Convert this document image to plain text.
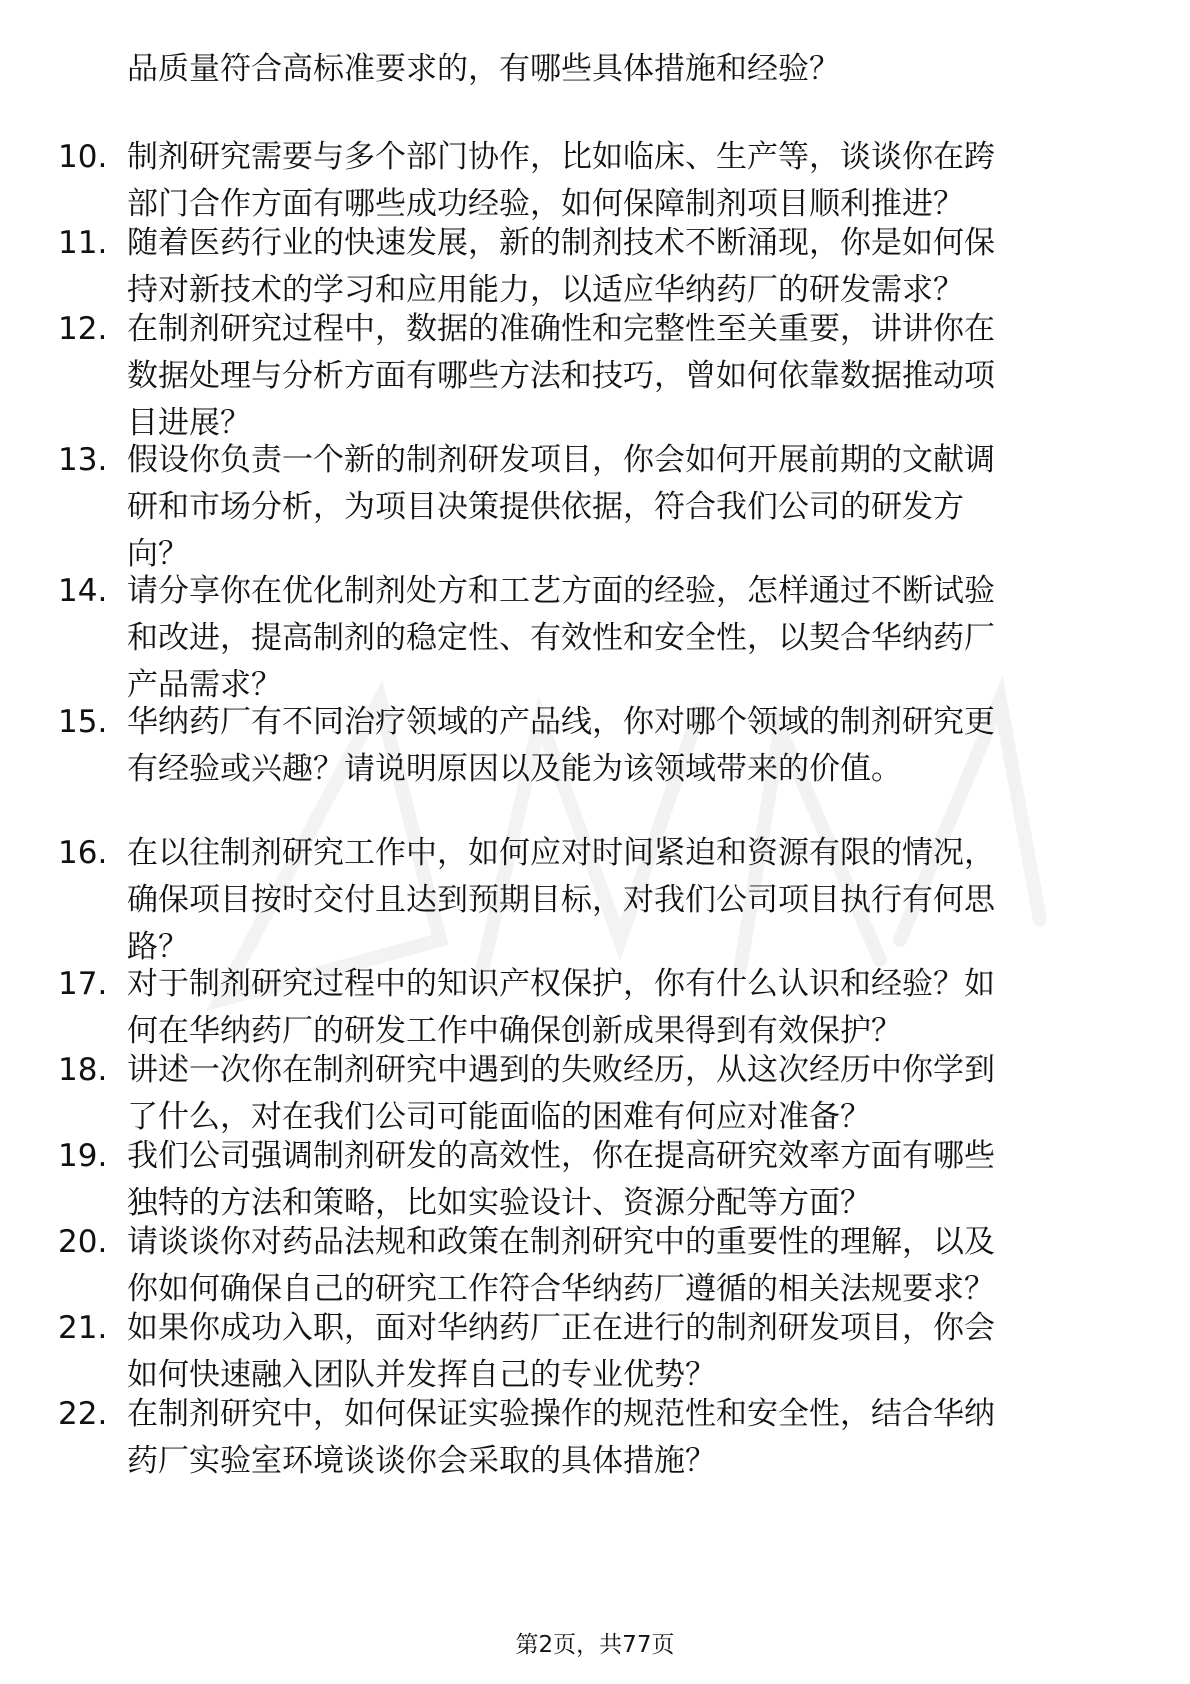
品质量符合高标准要求的，有哪些具体措施和经验？

10. 制剂研究需要与多个部门协作，比如临床、生产等，谈谈你在跨
部门合作方面有哪些成功经验，如何保障制剂项目顺利推进？
11. 随着医药行业的快速发展，新的制剂技术不断涌现，你是如何保
持对新技术的学习和应用能力，以适应华纳药厂的研发需求？
12. 在制剂研究过程中，数据的准确性和完整性至关重要，讲讲你在
数据处理与分析方面有哪些方法和技巧，曾如何依靠数据推动项
目进展？
13. 假设你负责一个新的制剂研发项目，你会如何开展前期的文献调
研和市场分析，为项目决策提供依据，符合我们公司的研发方
向？
14. 请分享你在优化制剂处方和工艺方面的经验，怎样通过不断试验
和改进，提高制剂的稳定性、有效性和安全性，以契合华纳药厂
产品需求？
15. 华纳药厂有不同治疗领域的产品线，你对哪个领域的制剂研究更
有经验或兴趣？请说明原因以及能为该领域带来的价值。
16. 在以往制剂研究工作中，如何应对时间紧迫和资源有限的情况，
确保项目按时交付且达到预期目标，对我们公司项目执行有何思
路？
17. 对于制剂研究过程中的知识产权保护，你有什么认识和经验？如
何在华纳药厂的研发工作中确保创新成果得到有效保护？
18. 讲述一次你在制剂研究中遇到的失败经历，从这次经历中你学到
了什么，对在我们公司可能面临的困难有何应对准备？
19. 我们公司强调制剂研发的高效性，你在提高研究效率方面有哪些
独特的方法和策略，比如实验设计、资源分配等方面？
20. 请谈谈你对药品法规和政策在制剂研究中的重要性的理解，以及
你如何确保自己的研究工作符合华纳药厂遵循的相关法规要求？
21. 如果你成功入职，面对华纳药厂正在进行的制剂研发项目，你会
如何快速融入团队并发挥自己的专业优势？
22. 在制剂研究中，如何保证实验操作的规范性和安全性，结合华纳
药厂实验室环境谈谈你会采取的具体措施？
第2页，共77页
